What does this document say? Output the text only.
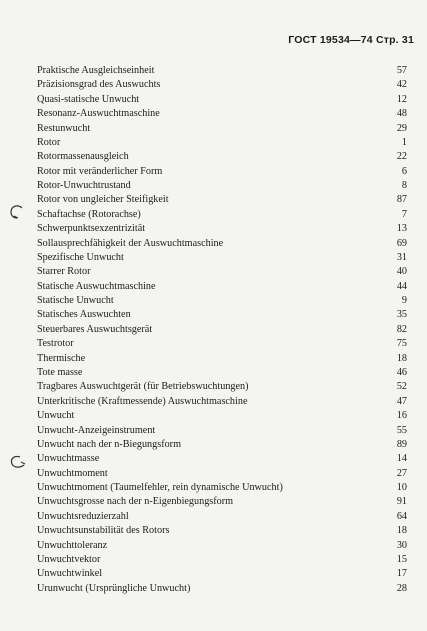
ГОСТ 19534—74 Стр. 31
Praktische Ausgleichseinheit	57
Präzisionsgrad des Auswuchts	42
Quasi-statische Unwucht	12
Resonanz-Auswuchtmaschine	48
Restunwucht	29
Rotor	1
Rotormassenausgleich	22
Rotor mit veränderlicher Form	6
Rotor-Unwuchtrustand	8
Rotor von ungleicher Steifigkeit	87
Schaftachse (Rotorachse)	7
Schwerpunktsexzentrizität	13
Sollausprechfähigkeit der Auswuchtmaschine	69
Spezifische Unwucht	31
Starrer Rotor	40
Statische Auswuchtmaschine	44
Statische Unwucht	9
Statisches Auswuchten	35
Steuerbares Auswuchtsgerät	82
Testrotor	75
Thermische	18
Tote masse	46
Tragbares Auswuchtgerät (für Betriebswuchtungen)	52
Unterkritische (Kraftmessende) Auswuchtmaschine	47
Unwucht	16
Unwucht-Anzeigeinstrument	55
Unwucht nach der n-Biegungsform	89
Unwuchtmasse	14
Unwuchtmoment	27
Unwuchtmoment (Taumelfehler, rein dynamische Unwucht)	10
Unwuchtsgrosse nach der n-Eigenbiegungsform	91
Unwuchtsreduzierzahl	64
Unwuchtsunstabilität des Rotors	18
Unwuchttoleranz	30
Unwuchtvektor	15
Unwuchtwinkel	17
Urunwucht (Ursprüngliche Unwucht)	28
